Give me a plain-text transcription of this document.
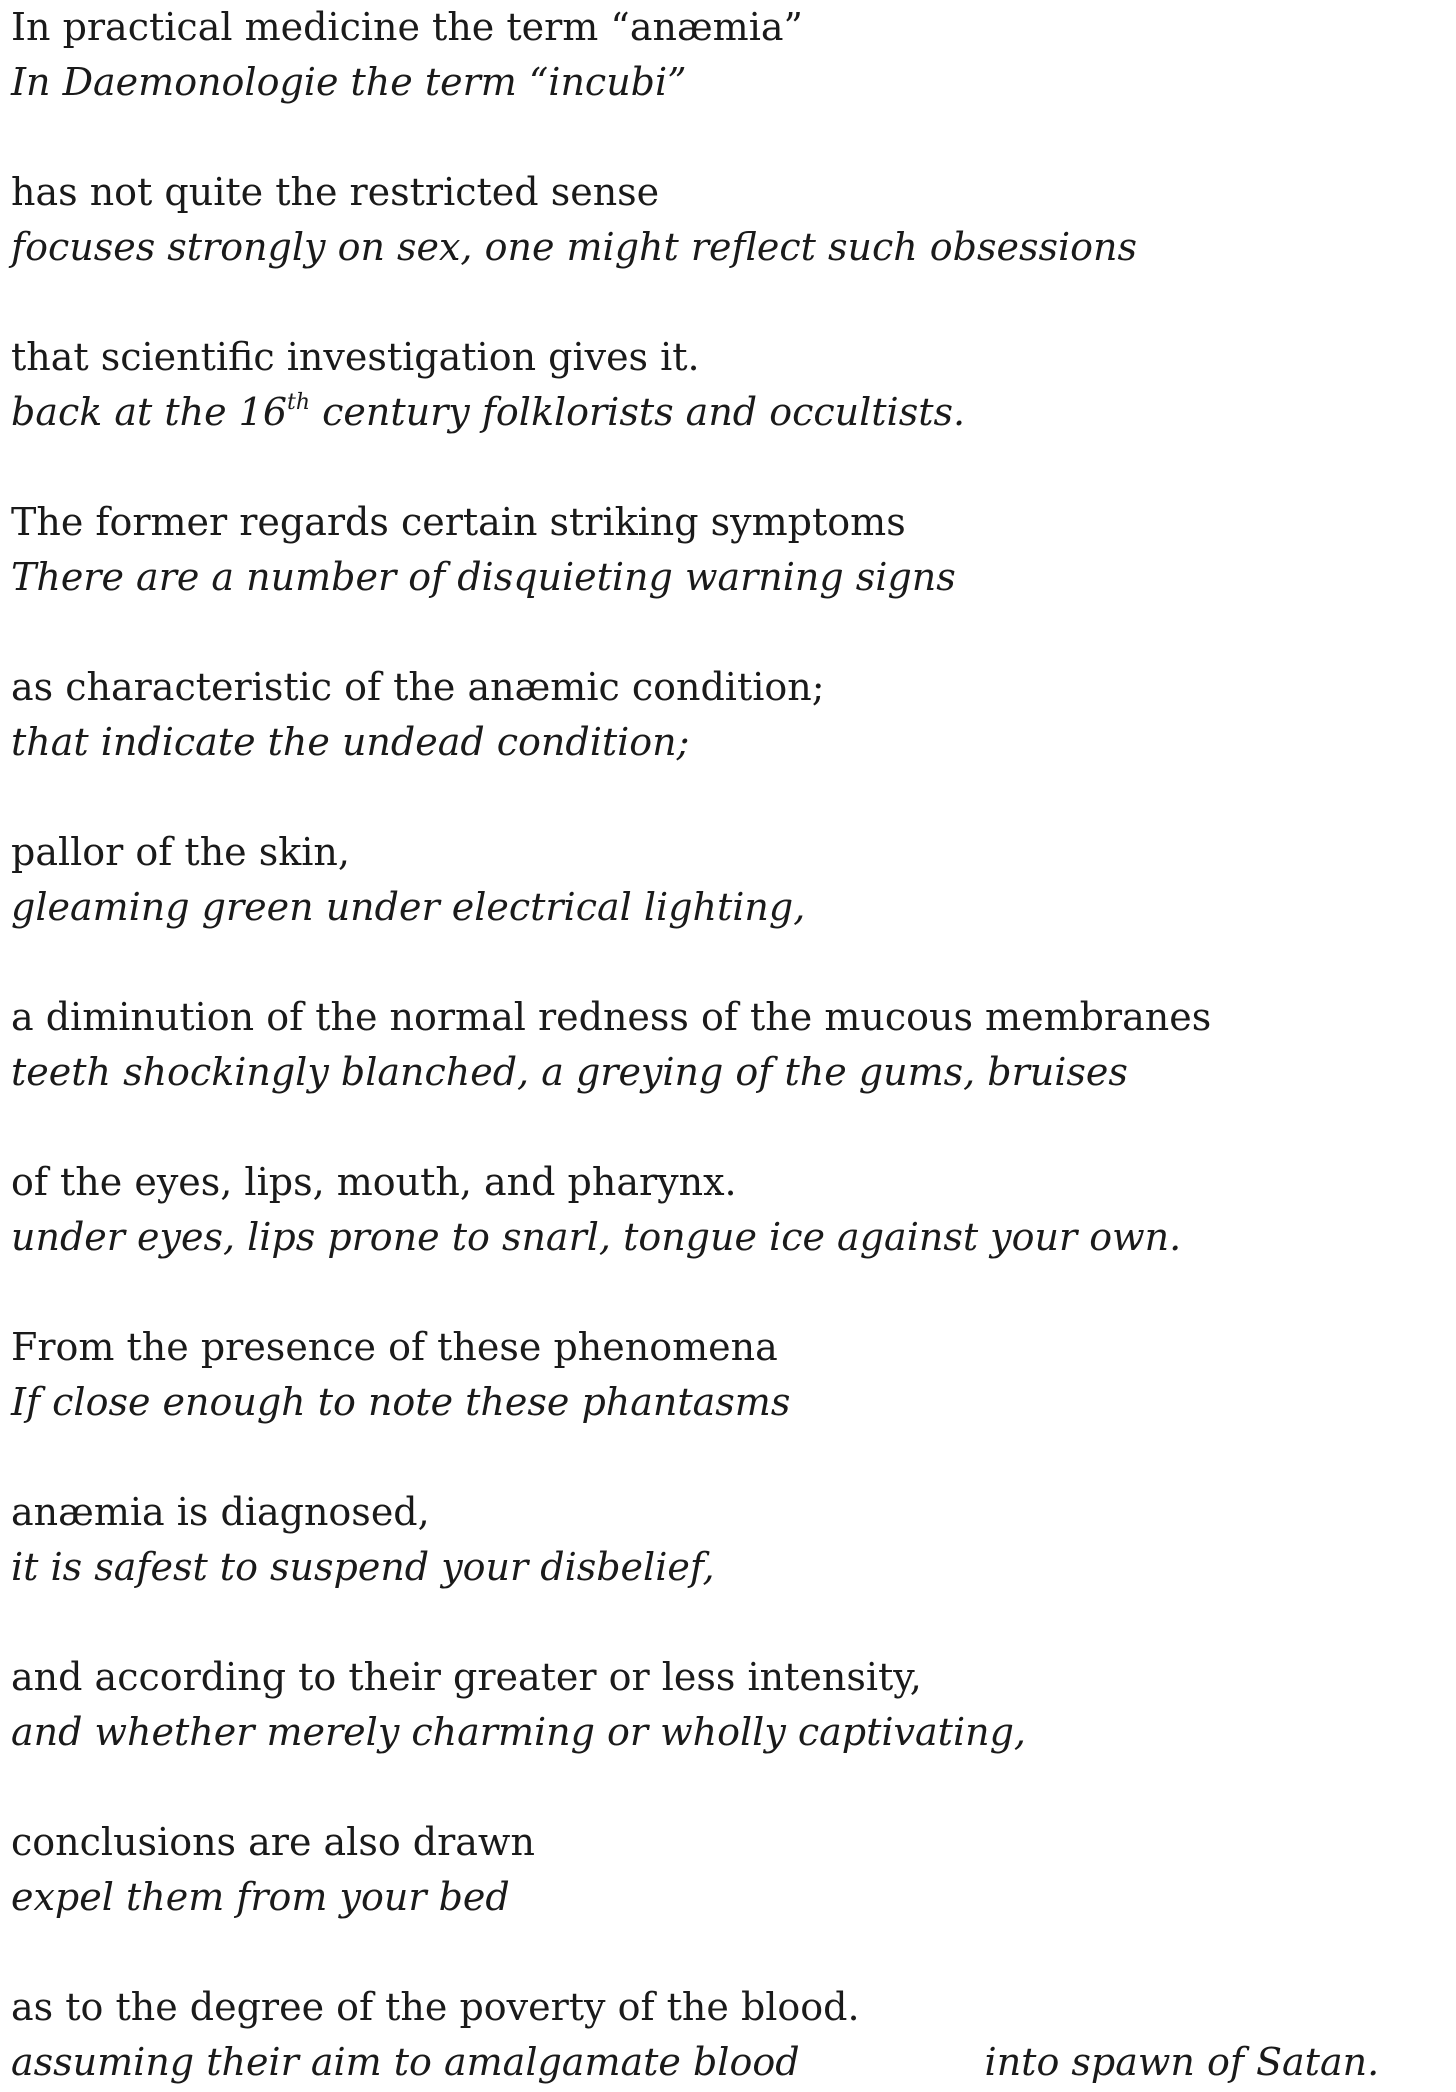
In practical medicine the term “anæmia”
In Daemonologie the term “incubi”
has not quite the restricted sense
focuses strongly on sex, one might reflect such obsessions
that scientific investigation gives it.
back at the 16th century folklorists and occultists.
The former regards certain striking symptoms
There are a number of disquieting warning signs
as characteristic of the anæmic condition;
that indicate the undead condition;
pallor of the skin,
gleaming green under electrical lighting,
a diminution of the normal redness of the mucous membranes
teeth shockingly blanched, a greying of the gums, bruises
of the eyes, lips, mouth, and pharynx.
under eyes, lips prone to snarl, tongue ice against your own.
From the presence of these phenomena
If close enough to note these phantasms
anæmia is diagnosed,
it is safest to suspend your disbelief,
and according to their greater or less intensity,
and whether merely charming or wholly captivating,
conclusions are also drawn
expel them from your bed
as to the degree of the poverty of the blood.
assuming their aim to amalgamate blood	into spawn of Satan.
